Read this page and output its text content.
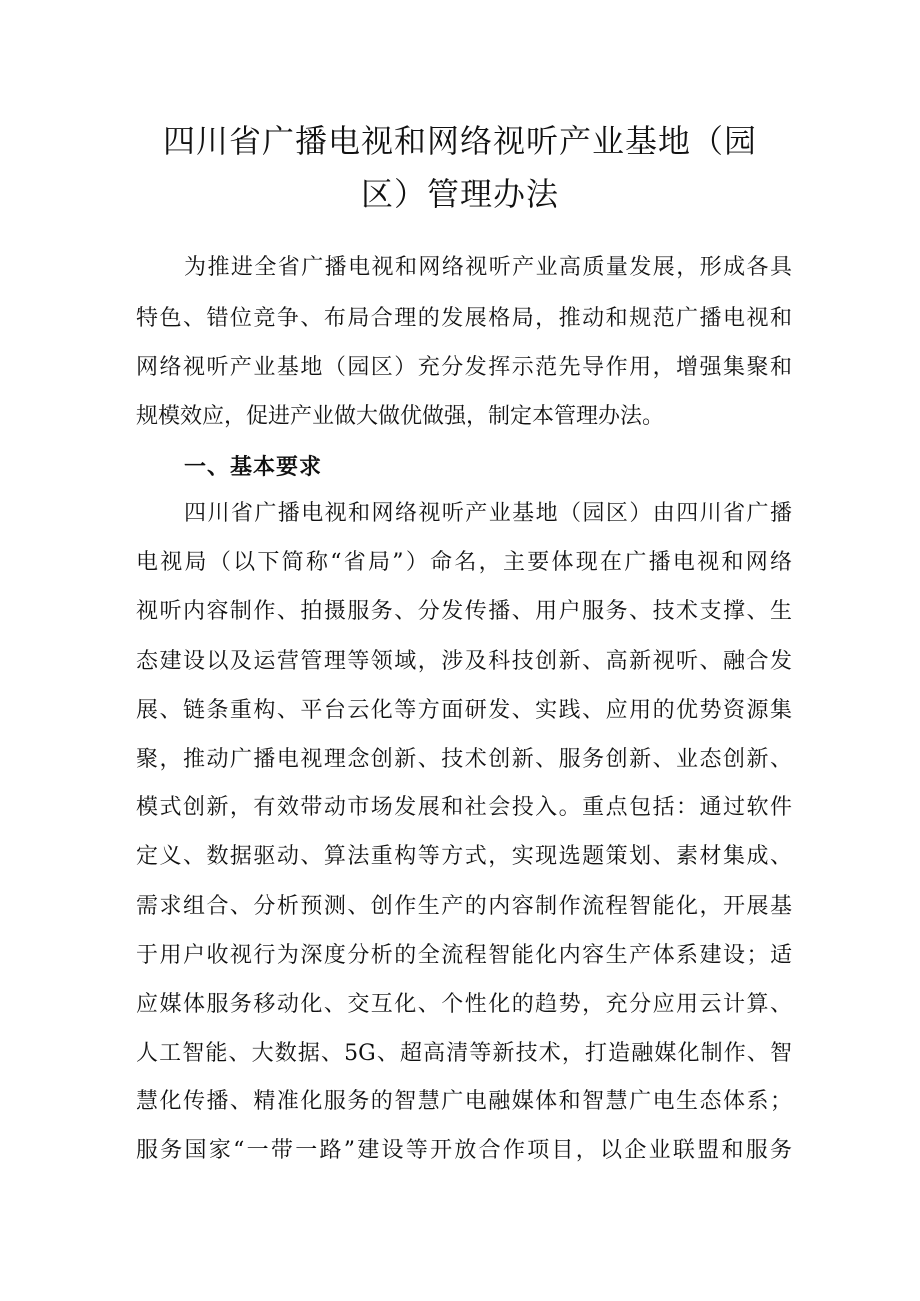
四川省广播电视和网络视听产业基地（园
区）管理办法
为推进全省广播电视和网络视听产业高质量发展，形成各具
特色、错位竞争、布局合理的发展格局，推动和规范广播电视和
网络视听产业基地（园区）充分发挥示范先导作用，增强集聚和
规模效应，促进产业做大做优做强，制定本管理办法。
一、基本要求
四川省广播电视和网络视听产业基地（园区）由四川省广播
电视局（以下简称“省局”）命名，主要体现在广播电视和网络
视听内容制作、拍摄服务、分发传播、用户服务、技术支撑、生
态建设以及运营管理等领域，涉及科技创新、高新视听、融合发
展、链条重构、平台云化等方面研发、实践、应用的优势资源集
聚，推动广播电视理念创新、技术创新、服务创新、业态创新、
模式创新，有效带动市场发展和社会投入。重点包括：通过软件
定义、数据驱动、算法重构等方式，实现选题策划、素材集成、
需求组合、分析预测、创作生产的内容制作流程智能化，开展基
于用户收视行为深度分析的全流程智能化内容生产体系建设；适
应媒体服务移动化、交互化、个性化的趋势，充分应用云计算、
人工智能、大数据、5G、超高清等新技术，打造融媒化制作、智
慧化传播、精准化服务的智慧广电融媒体和智慧广电生态体系；
服务国家“一带一路”建设等开放合作项目，以企业联盟和服务
